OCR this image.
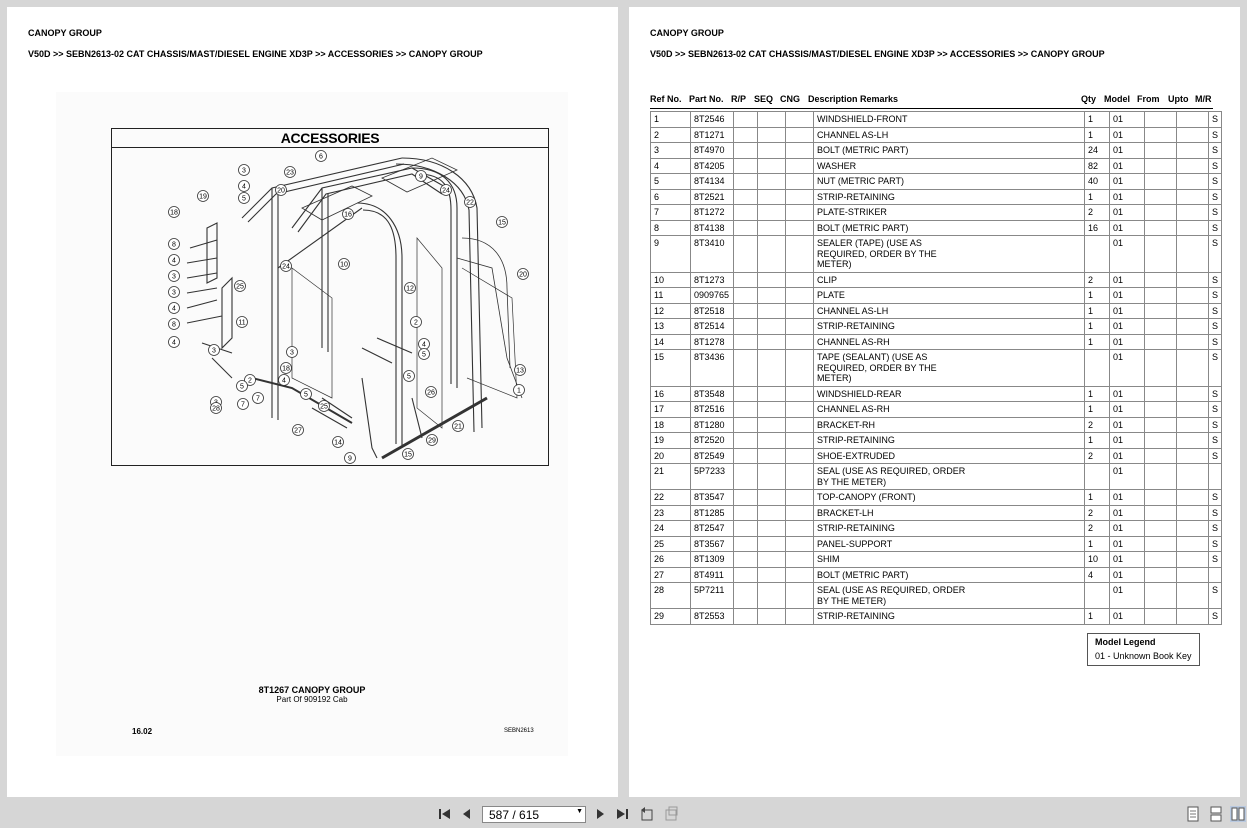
CANOPY GROUP
V50D >> SEBN2613-02 CAT CHASSIS/MAST/DIESEL ENGINE XD3P >> ACCESSORIES >> CANOPY GROUP
ACCESSORIES
3	23
6
9
4
5
19
18
20	24
22
16
15
8
4
3
3
4
8
4
18
24
25
10
12
20
11	2
4
3
5
3
5
13
1
2	4
7
5
28
26
5
7
27
25
14
9
15
29
21
8T1267 CANOPY GROUP
Part Of 909192 Cab
16.02	SEBN2613
CANOPY GROUP
V50D >> SEBN2613-02 CAT CHASSIS/MAST/DIESEL ENGINE XD3P >> ACCESSORIES >> CANOPY GROUP
Ref No. Part No. R/P SEQ CNG Description Remarks	Qty Model From Upto M/R
1	8T2546				WINDSHIELD-FRONT	1	01			S
2	8T1271				CHANNEL AS-LH	1	01			S
3	8T4970				BOLT (METRIC PART)	24	01			S
4	8T4205				WASHER	82	01			S
5	8T4134				NUT (METRIC PART)	40	01			S
6	8T2521				STRIP-RETAINING	1	01			S
7	8T1272				PLATE-STRIKER	2	01			S
8	8T4138				BOLT (METRIC PART)	16	01			S
9	8T3410				SEALER (TAPE) (USE AS
REQUIRED, ORDER BY THE
METER)		01			S
10	8T1273				CLIP	2	01			S
11	0909765				PLATE	1	01			S
12	8T2518				CHANNEL AS-LH	1	01			S
13	8T2514				STRIP-RETAINING	1	01			S
14	8T1278				CHANNEL AS-RH	1	01			S
15	8T3436				TAPE (SEALANT) (USE AS
REQUIRED, ORDER BY THE
METER)		01			S
16	8T3548				WINDSHIELD-REAR	1	01			S
17	8T2516				CHANNEL AS-RH	1	01			S
18	8T1280				BRACKET-RH	2	01			S
19	8T2520				STRIP-RETAINING	1	01			S
20	8T2549				SHOE-EXTRUDED	2	01			S
21	5P7233				SEAL (USE AS REQUIRED, ORDER
BY THE METER)		01			
22	8T3547				TOP-CANOPY (FRONT)	1	01			S
23	8T1285				BRACKET-LH	2	01			S
24	8T2547				STRIP-RETAINING	2	01			S
25	8T3567				PANEL-SUPPORT	1	01			S
26	8T1309				SHIM	10	01			S
27	8T4911				BOLT (METRIC PART)	4	01			
28	5P7211				SEAL (USE AS REQUIRED, ORDER
BY THE METER)		01			S
29	8T2553				STRIP-RETAINING	1	01			S
Model Legend
01 - Unknown Book Key
587 / 615	▼
